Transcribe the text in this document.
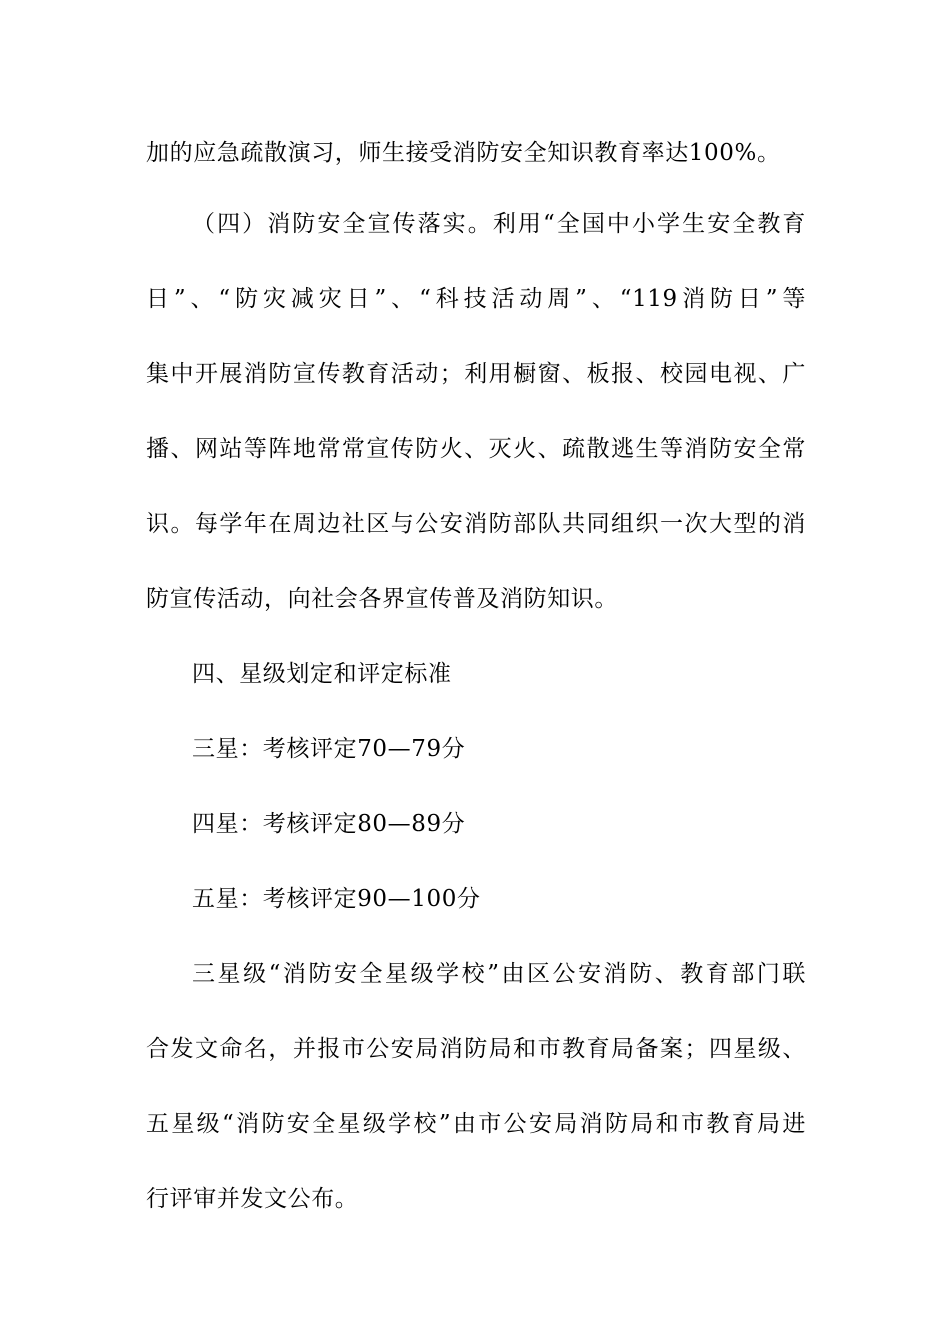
加的应急疏散演习，师生接受消防安全知识教育率达100%。
（四）消防安全宣传落实。利用“全国中小学生安全教育
日”、“防灾减灾日”、“科技活动周”、“119消防日”等
集中开展消防宣传教育活动；利用橱窗、板报、校园电视、广
播、网站等阵地常常宣传防火、灭火、疏散逃生等消防安全常
识。每学年在周边社区与公安消防部队共同组织一次大型的消
防宣传活动，向社会各界宣传普及消防知识。
四、星级划定和评定标准
三星：考核评定70—79分
四星：考核评定80—89分
五星：考核评定90—100分
三星级“消防安全星级学校”由区公安消防、教育部门联
合发文命名，并报市公安局消防局和市教育局备案；四星级、
五星级“消防安全星级学校”由市公安局消防局和市教育局进
行评审并发文公布。
